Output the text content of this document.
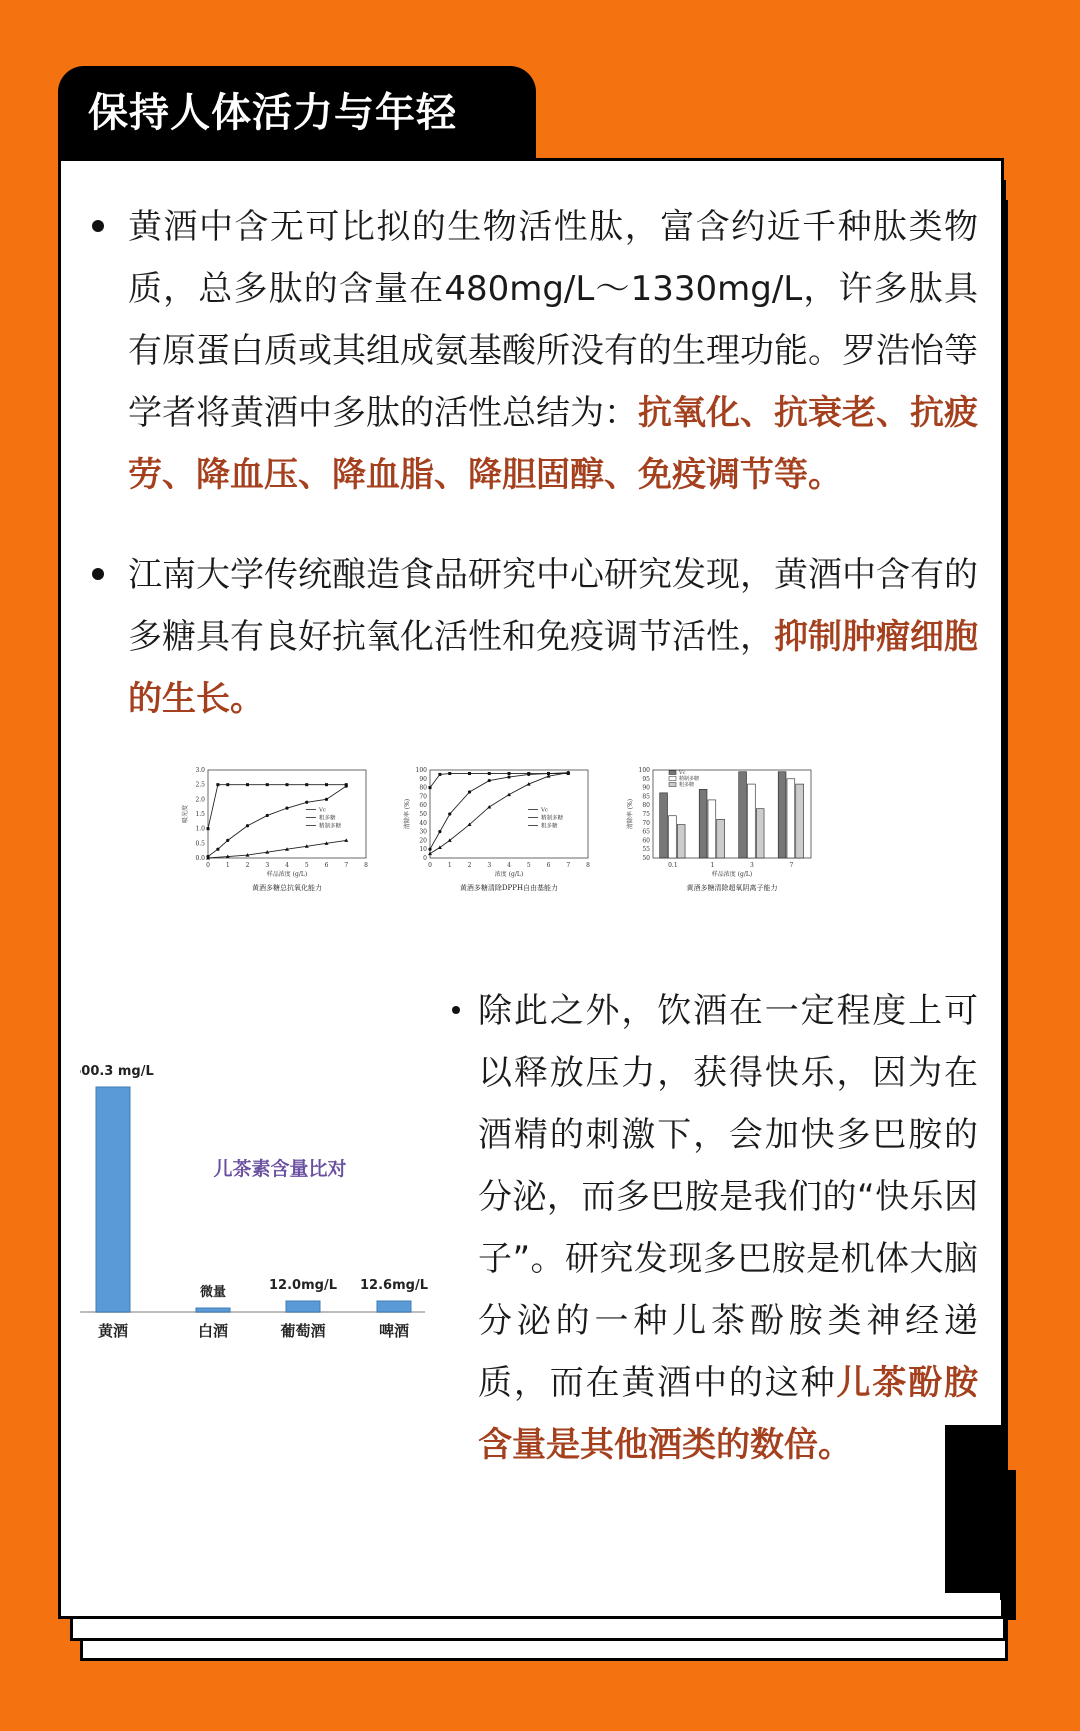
保持人体活力与年轻
黄酒中含无可比拟的生物活性肽，富含约近千种肽类物质，总多肽的含量在480mg/L～1330mg/L，许多肽具有原蛋白质或其组成氨基酸所没有的生理功能。罗浩怡等学者将黄酒中多肽的活性总结为：抗氧化、抗衰老、抗疲劳、降血压、降血脂、降胆固醇、免疫调节等。
江南大学传统酿造食品研究中心研究发现，黄酒中含有的多糖具有良好抗氧化活性和免疫调节活性，抑制肿瘤细胞的生长。
0	1	2	3	4	5	6	7	8
0.0
0.5
1.0
1.5
2.0
2.5
3.0
样品浓度 (g/L)
吸光度
黄酒多糖总抗氧化能力
Vc
粗多糖
精制多糖
0	1	2	3	4	5	6	7	8
0
10
20
30
40
50
60
70
80
90
100
浓度 (g/L)
清除率 (%)
黄酒多糖清除DPPH自由基能力
Vc
精制多糖
粗多糖
50
55
60
65
70
75
80
85
90
95
100
0.1	1	3	7
Vc
精制多糖
粗多糖
样品浓度 (g/L)
清除率 (%)
黄酒多糖清除超氧阴离子能力
600.3 mg/L
黄酒
微量
白酒
12.0mg/L
葡萄酒
12.6mg/L
啤酒
儿茶素含量比对
除此之外，饮酒在一定程度上可以释放压力，获得快乐，因为在酒精的刺激下，会加快多巴胺的分泌，而多巴胺是我们的“快乐因子”。研究发现多巴胺是机体大脑分泌的一种儿茶酚胺类神经递质，而在黄酒中的这种儿茶酚胺含量是其他酒类的数倍。
